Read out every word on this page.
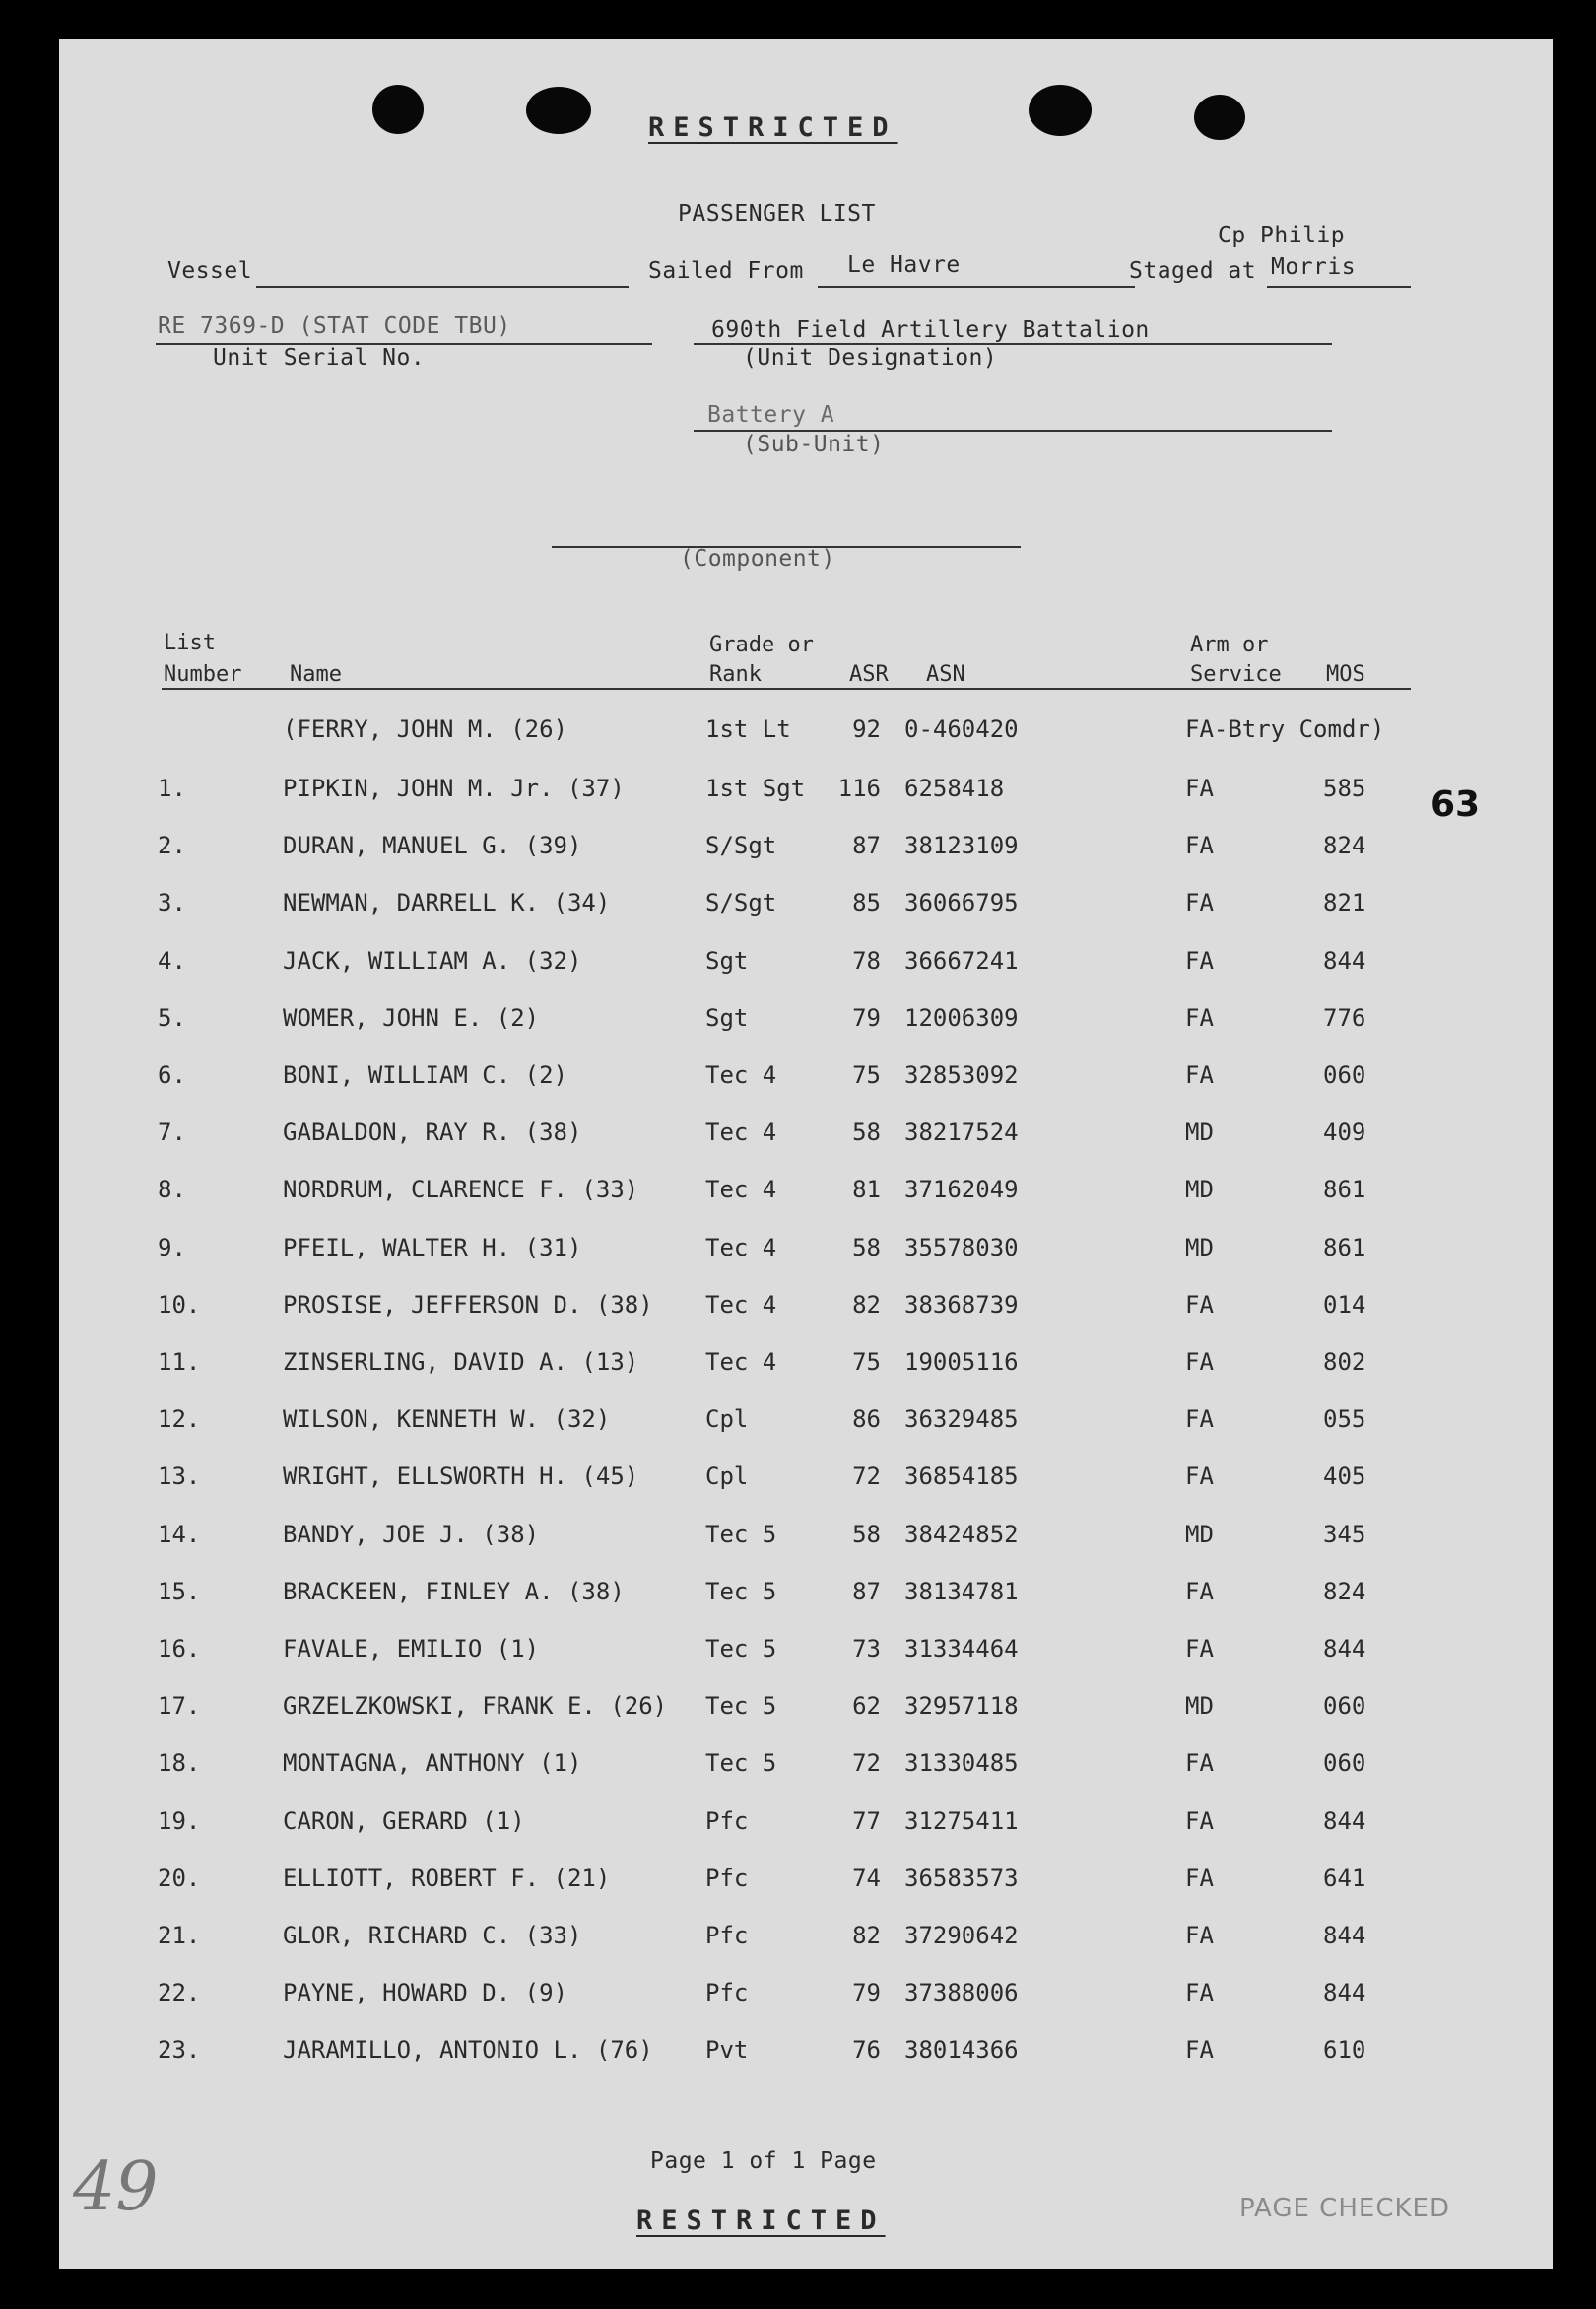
RESTRICTED
PASSENGER LIST
Vessel	Sailed From Le Havre	Staged at
Cp Philip
Morris
RE 7369-D (STAT CODE TBU)
Unit Serial No.
690th Field Artillery Battalion
(Unit Designation)
Battery A
(Sub-Unit)
(Component)
List
Number Name
Grade or
Rank	ASR ASN
Arm or
Service MOS
(FERRY, JOHN M. (26)	1st Lt	92 0-460420	FA-Btry Comdr)
1.	PIPKIN, JOHN M. Jr. (37)	1st Sgt	116 6258418	FA	585
2.	DURAN, MANUEL G. (39)	S/Sgt	87 38123109	FA	824
3.	NEWMAN, DARRELL K. (34)	S/Sgt	85 36066795	FA	821
4.	JACK, WILLIAM A. (32)	Sgt	78 36667241	FA	844
5.	WOMER, JOHN E. (2)	Sgt	79 12006309	FA	776
6.	BONI, WILLIAM C. (2)	Tec 4	75 32853092	FA	060
7.	GABALDON, RAY R. (38)	Tec 4	58 38217524	MD	409
8.	NORDRUM, CLARENCE F. (33)	Tec 4	81 37162049	MD	861
9.	PFEIL, WALTER H. (31)	Tec 4	58 35578030	MD	861
10.	PROSISE, JEFFERSON D. (38) Tec 4	82 38368739	FA	014
11.	ZINSERLING, DAVID A. (13)	Tec 4	75 19005116	FA	802
12.	WILSON, KENNETH W. (32)	Cpl	86 36329485	FA	055
13.	WRIGHT, ELLSWORTH H. (45)	Cpl	72 36854185	FA	405
14.	BANDY, JOE J. (38)	Tec 5	58 38424852	MD	345
15.	BRACKEEN, FINLEY A. (38)	Tec 5	87 38134781	FA	824
16.	FAVALE, EMILIO (1)	Tec 5	73 31334464	FA	844
17.	GRZELZKOWSKI, FRANK E. (26) Tec 5	62 32957118	MD	060
18.	MONTAGNA, ANTHONY (1)	Tec 5	72 31330485	FA	060
19.	CARON, GERARD (1)	Pfc	77 31275411	FA	844
20.	ELLIOTT, ROBERT F. (21)	Pfc	74 36583573	FA	641
21.	GLOR, RICHARD C. (33)	Pfc	82 37290642	FA	844
22.	PAYNE, HOWARD D. (9)	Pfc	79 37388006	FA	844
23.	JARAMILLO, ANTONIO L. (76) Pvt	76 38014366	FA	610
63
Page 1 of 1 Page
RESTRICTED	PAGE CHECKED
49
